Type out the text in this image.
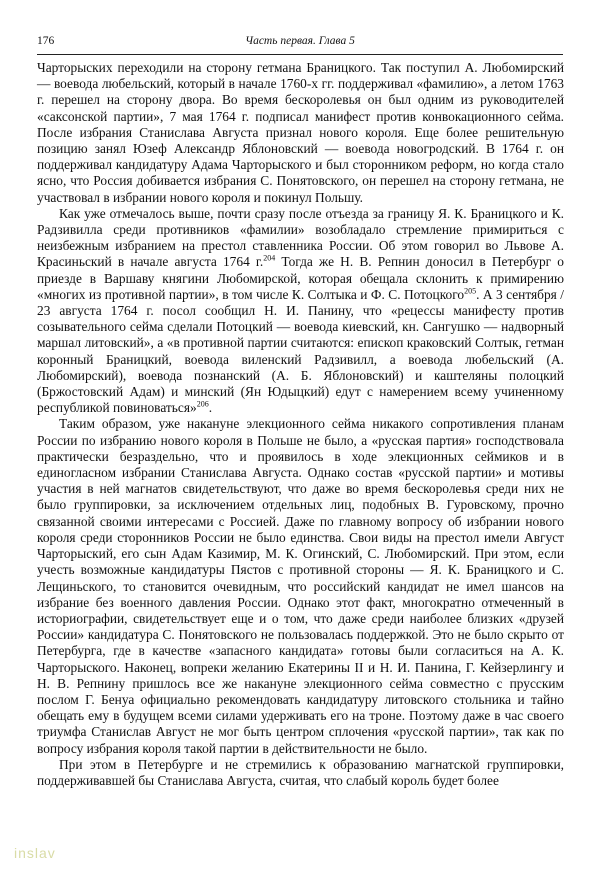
176	Часть первая. Глава 5

Чарторыских переходили на сторону гетмана Браницкого. Так поступил А. Любомирский — воевода любельский, который в начале 1760-х гг. поддерживал «фамилию», а летом 1763 г. перешел на сторону двора. Во время бескоролевья он был одним из руководителей «саксонской партии», 7 мая 1764 г. подписал манифест против конвокационного сейма. После избрания Станислава Августа признал нового короля. Еще более решительную позицию занял Юзеф Александр Яблоновский — воевода новогродский. В 1764 г. он поддерживал кандидатуру Адама Чарторыского и был сторонником реформ, но когда стало ясно, что Россия добивается избрания С. Понятовского, он перешел на сторону гетмана, не участвовал в избрании нового короля и покинул Польшу.

Как уже отмечалось выше, почти сразу после отъезда за границу Я. К. Браницкого и К. Радзивилла среди противников «фамилии» возобладало стремление примириться с неизбежным избранием на престол ставленника России. Об этом говорил во Львове А. Красиньский в начале августа 1764 г.$^{204}$ Тогда же Н. В. Репнин доносил в Петербург о приезде в Варшаву княгини Любомирской, которая обещала склонить к примирению «многих из противной партии», в том числе К. Солтыка и Ф. С. Потоцкого$^{205}$. А 3 сентября / 23 августа 1764 г. посол сообщил Н. И. Панину, что «рецессы манифесту против созывательного сейма сделали Потоцкий — воевода киевский, кн. Сангушко — надворный маршал литовский», а «в противной партии считаются: епископ краковский Солтык, гетман коронный Браницкий, воевода виленский Радзивилл, а воевода любельский (А. Любомирский), воевода познанский (А. Б. Яблоновский) и каштеляны полоцкий (Бржостовский Адам) и минский (Ян Юдыцкий) едут с намерением всему учиненному республикой повиноваться»$^{206}$.

Таким образом, уже накануне элекционного сейма никакого сопротивления планам России по избранию нового короля в Польше не было, а «русская партия» господствовала практически безраздельно, что и проявилось в ходе элекционных сеймиков и в единогласном избрании Станислава Августа. Однако состав «русской партии» и мотивы участия в ней магнатов свидетельствуют, что даже во время бескоролевья среди них не было группировки, за исключением отдельных лиц, подобных В. Гуровскому, прочно связанной своими интересами с Россией. Даже по главному вопросу об избрании нового короля среди сторонников России не было единства. Свои виды на престол имели Август Чарторыский, его сын Адам Казимир, М. К. Огинский, С. Любомирский. При этом, если учесть возможные кандидатуры Пястов с противной стороны — Я. К. Браницкого и С. Лещиньского, то становится очевидным, что российский кандидат не имел шансов на избрание без военного давления России. Однако этот факт, многократно отмеченный в историографии, свидетельствует еще и о том, что даже среди наиболее близких «друзей России» кандидатура С. Понятовского не пользовалась поддержкой. Это не было скрыто от Петербурга, где в качестве «запасного кандидата» готовы были согласиться на А. К. Чарторыского. Наконец, вопреки желанию Екатерины II и Н. И. Панина, Г. Кейзерлингу и Н. В. Репнину пришлось все же накануне элекционного сейма совместно с прусским послом Г. Бенуа официально рекомендовать кандидатуру литовского стольника и тайно обещать ему в будущем всеми силами удерживать его на троне. Поэтому даже в час своего триумфа Станислав Август не мог быть центром сплочения «русской партии», так как по вопросу избрания короля такой партии в действительности не было.

При этом в Петербурге и не стремились к образованию магнатской группировки, поддерживавшей бы Станислава Августа, считая, что слабый король будет более

inslav
